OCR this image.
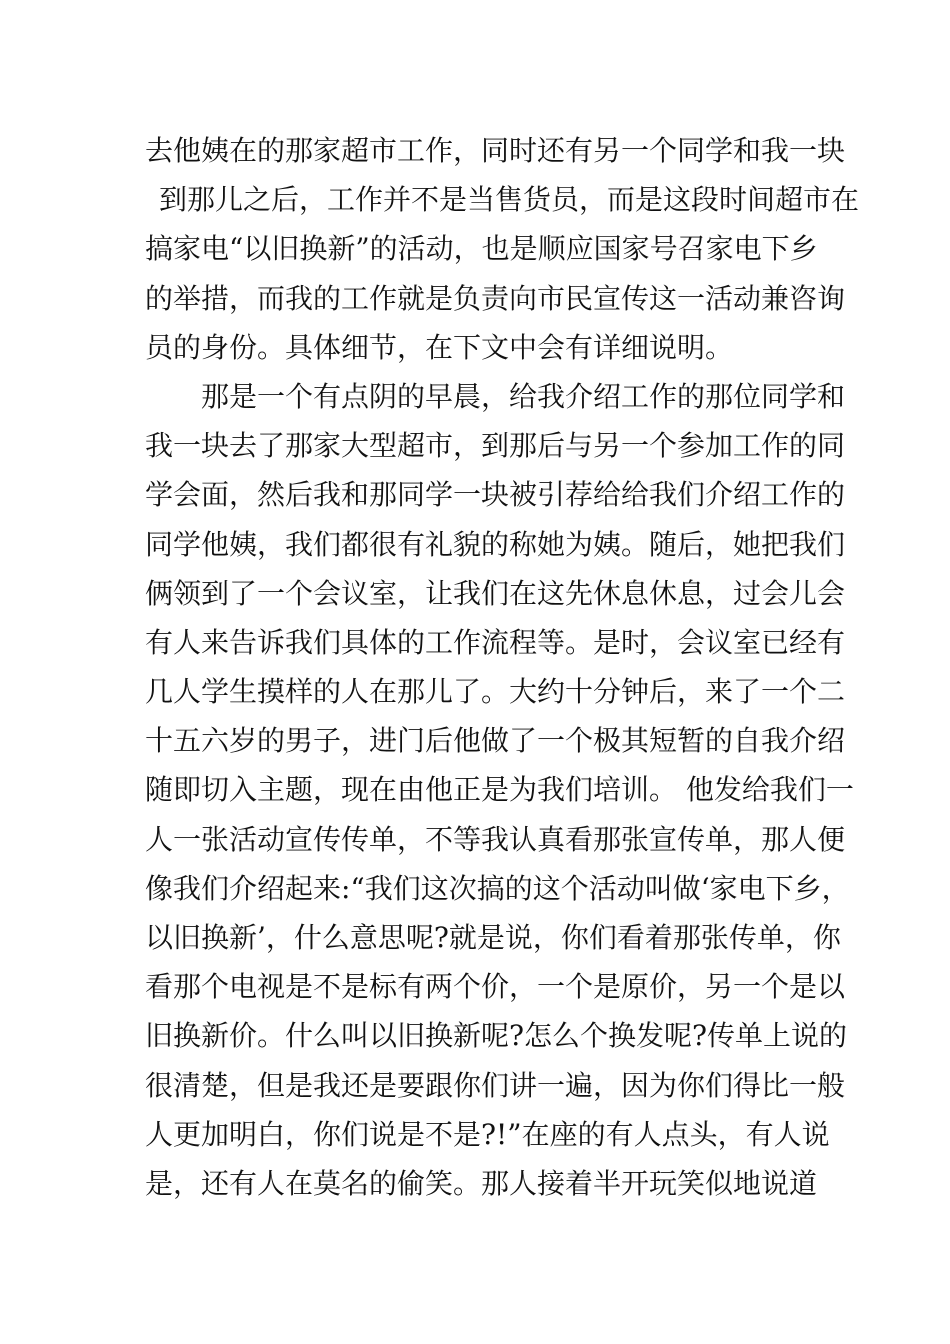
去他姨在的那家超市工作，同时还有另一个同学和我一块
到那儿之后，工作并不是当售货员，而是这段时间超市在
搞家电“以旧换新”的活动，也是顺应国家号召家电下乡
的举措，而我的工作就是负责向市民宣传这一活动兼咨询
员的身份。具体细节，在下文中会有详细说明。
那是一个有点阴的早晨，给我介绍工作的那位同学和
我一块去了那家大型超市，到那后与另一个参加工作的同
学会面，然后我和那同学一块被引荐给给我们介绍工作的
同学他姨，我们都很有礼貌的称她为姨。随后，她把我们
俩领到了一个会议室，让我们在这先休息休息，过会儿会
有人来告诉我们具体的工作流程等。是时，会议室已经有
几人学生摸样的人在那儿了。大约十分钟后，来了一个二
十五六岁的男子，进门后他做了一个极其短暂的自我介绍
随即切入主题，现在由他正是为我们培训。 他发给我们一
人一张活动宣传传单，不等我认真看那张宣传单，那人便
像我们介绍起来:“我们这次搞的这个活动叫做‘家电下乡，
以旧换新’，什么意思呢?就是说，你们看着那张传单，你
看那个电视是不是标有两个价，一个是原价，另一个是以
旧换新价。什么叫以旧换新呢?怎么个换发呢?传单上说的
很清楚，但是我还是要跟你们讲一遍，因为你们得比一般
人更加明白，你们说是不是?!”在座的有人点头，有人说
是，还有人在莫名的偷笑。那人接着半开玩笑似地说道
